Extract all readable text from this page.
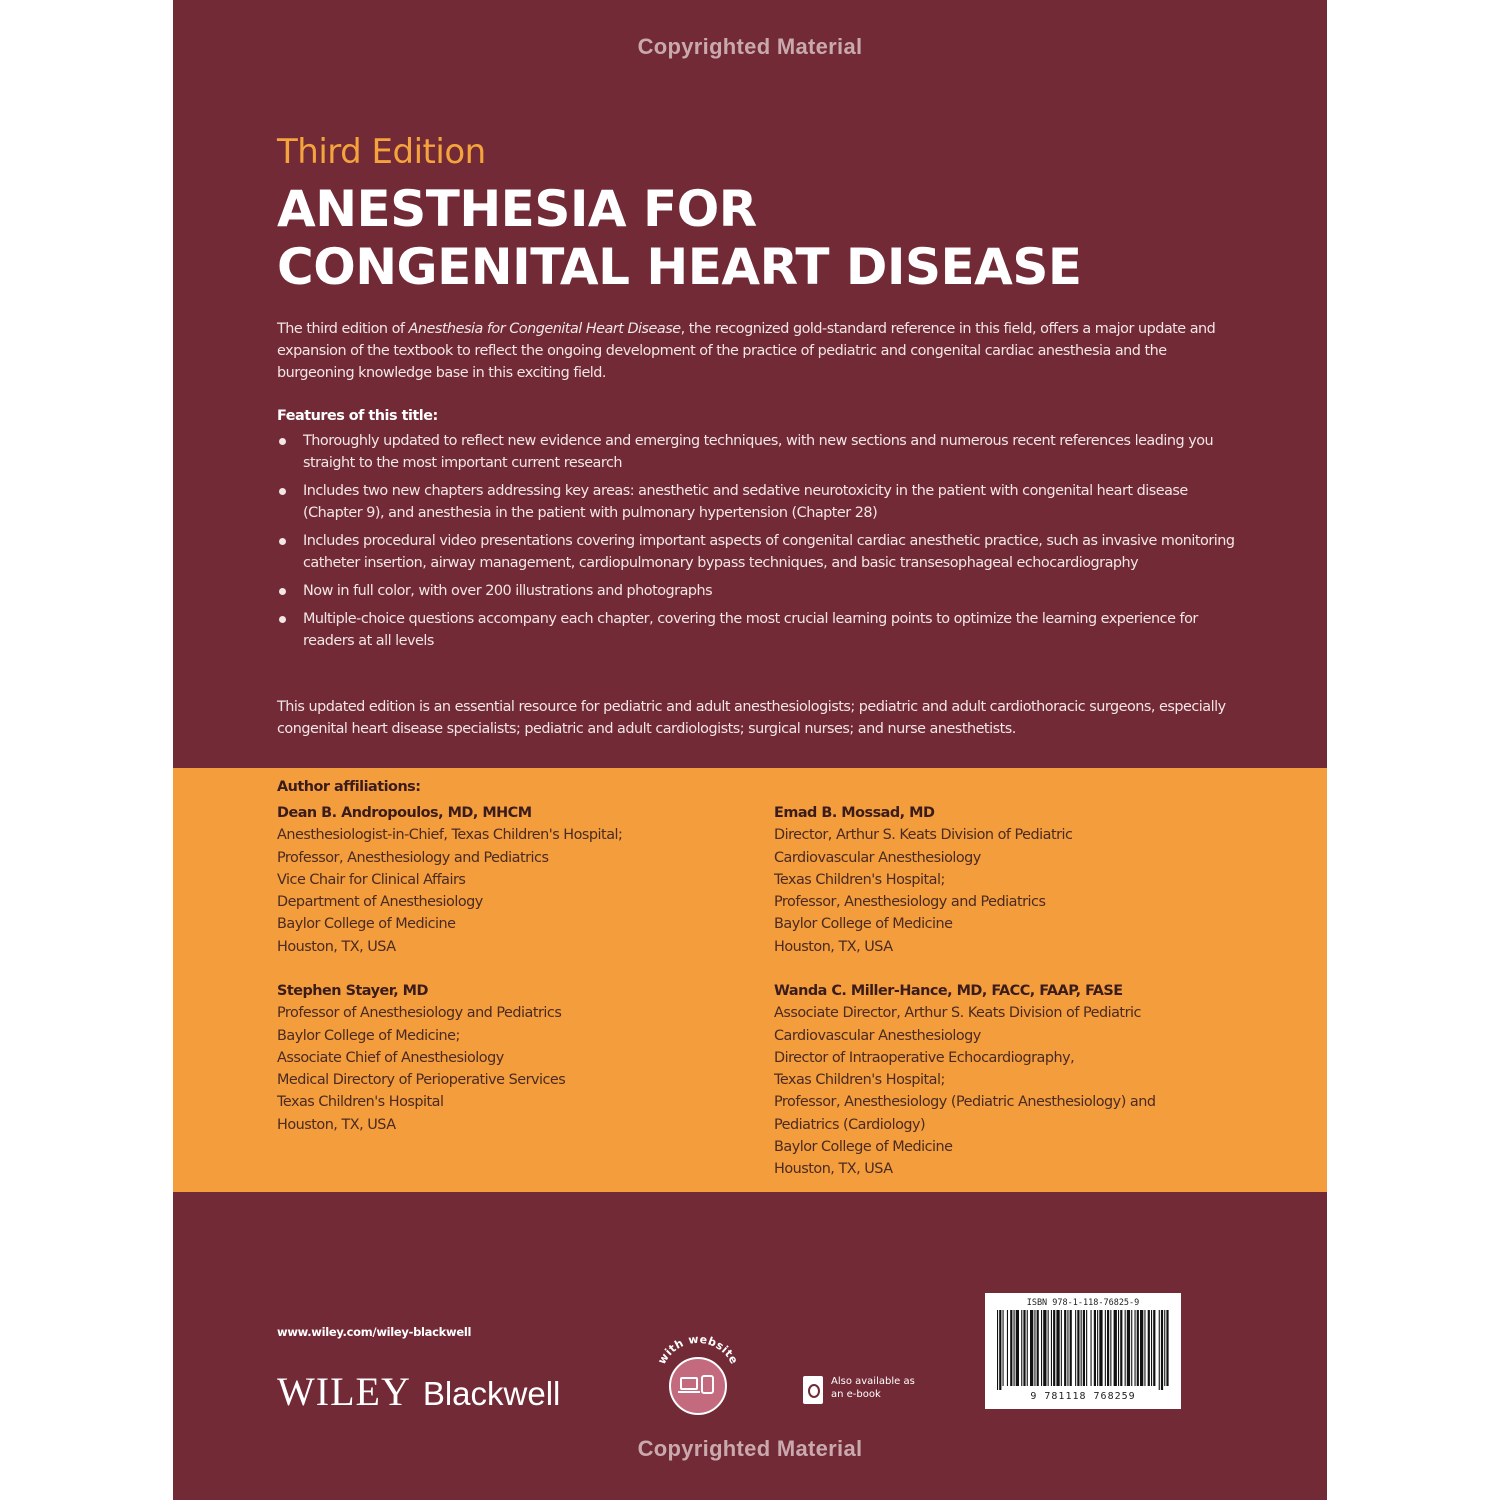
Copyrighted Material
Third Edition
ANESTHESIA FOR
CONGENITAL HEART DISEASE
The third edition of Anesthesia for Congenital Heart Disease, the recognized gold-standard reference in this field, offers a major update and expansion of the textbook to reflect the ongoing development of the practice of pediatric and congenital cardiac anesthesia and the burgeoning knowledge base in this exciting field.
Features of this title:
Thoroughly updated to reflect new evidence and emerging techniques, with new sections and numerous recent references leading you straight to the most important current research
Includes two new chapters addressing key areas: anesthetic and sedative neurotoxicity in the patient with congenital heart disease (Chapter 9), and anesthesia in the patient with pulmonary hypertension (Chapter 28)
Includes procedural video presentations covering important aspects of congenital cardiac anesthetic practice, such as invasive monitoring catheter insertion, airway management, cardiopulmonary bypass techniques, and basic transesophageal echocardiography
Now in full color, with over 200 illustrations and photographs
Multiple-choice questions accompany each chapter, covering the most crucial learning points to optimize the learning experience for readers at all levels
This updated edition is an essential resource for pediatric and adult anesthesiologists; pediatric and adult cardiothoracic surgeons, especially congenital heart disease specialists; pediatric and adult cardiologists; surgical nurses; and nurse anesthetists.
Author affiliations:
Dean B. Andropoulos, MD, MHCM
Anesthesiologist-in-Chief, Texas Children's Hospital;
Professor, Anesthesiology and Pediatrics
Vice Chair for Clinical Affairs
Department of Anesthesiology
Baylor College of Medicine
Houston, TX, USA
Emad B. Mossad, MD
Director, Arthur S. Keats Division of Pediatric
Cardiovascular Anesthesiology
Texas Children's Hospital;
Professor, Anesthesiology and Pediatrics
Baylor College of Medicine
Houston, TX, USA
Stephen Stayer, MD
Professor of Anesthesiology and Pediatrics
Baylor College of Medicine;
Associate Chief of Anesthesiology
Medical Directory of Perioperative Services
Texas Children's Hospital
Houston, TX, USA
Wanda C. Miller-Hance, MD, FACC, FAAP, FASE
Associate Director, Arthur S. Keats Division of Pediatric
Cardiovascular Anesthesiology
Director of Intraoperative Echocardiography,
Texas Children's Hospital;
Professor, Anesthesiology (Pediatric Anesthesiology) and
Pediatrics (Cardiology)
Baylor College of Medicine
Houston, TX, USA
www.wiley.com/wiley-blackwell
WILEY Blackwell
with website
Also available as an e-book
ISBN 978-1-118-76825-9
9 781118 768259
Copyrighted Material
